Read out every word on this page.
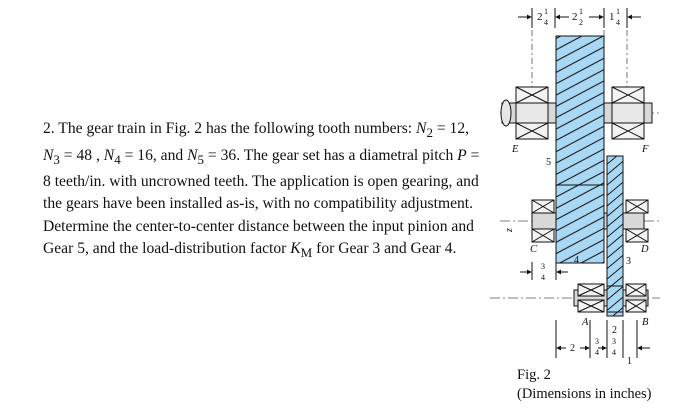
2. The gear train in Fig. 2 has the following tooth numbers: $N_2 = 12$, $N_3 = 48$ , $N_4 = 16$, and $N_5 = 36$. The gear set has a diametral pitch P = 8 teeth/in. with uncrowned teeth. The application is open gearing, and the gears have been installed as-is, with no compatibility adjustment. Determine the center-to-center distance between the input pinion and Gear 5, and the load-distribution factor $K_M$ for Gear 3 and Gear 4.

2 1
4 2 1
2 1 1
4
3
4
2
3
4
3
4
1
E	F
C	D
A	B
5
4	3
2
z
Fig. 2
(Dimensions in inches)
